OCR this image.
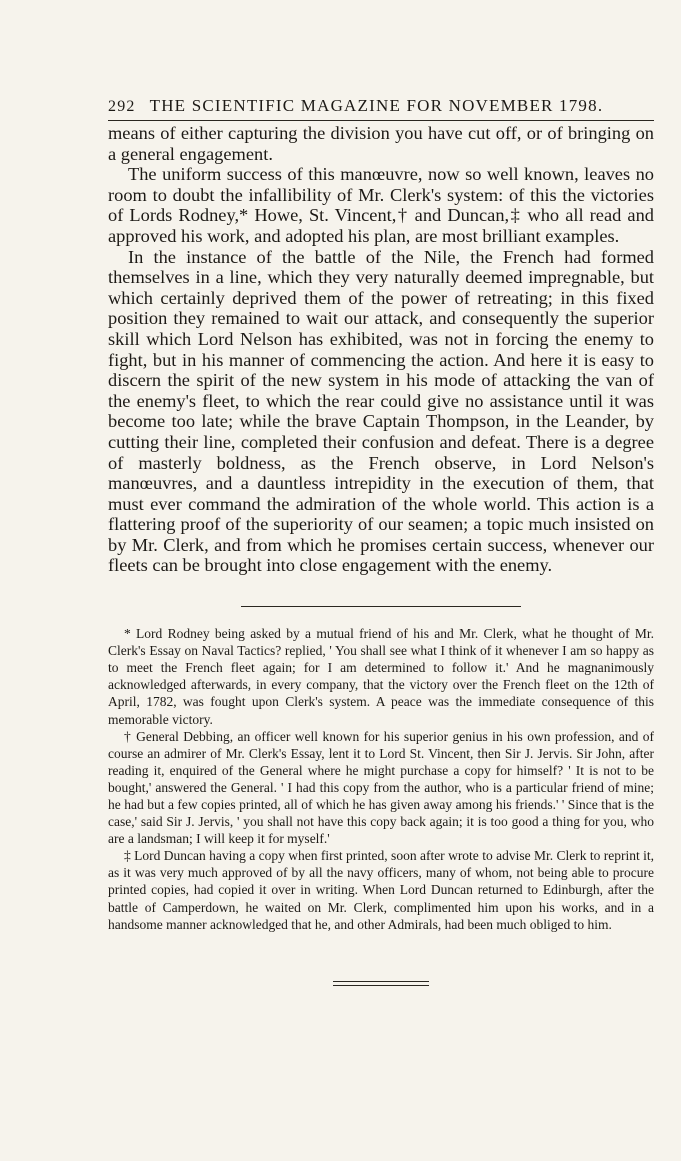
292 THE SCIENTIFIC MAGAZINE FOR NOVEMBER 1798.

means of either capturing the division you have cut off, or of bringing on a general engagement.

The uniform success of this manœuvre, now so well known, leaves no room to doubt the infallibility of Mr. Clerk's system: of this the victories of Lords Rodney,* Howe, St. Vincent,† and Duncan,‡ who all read and approved his work, and adopted his plan, are most brilliant examples.

In the instance of the battle of the Nile, the French had formed themselves in a line, which they very naturally deemed impregnable, but which certainly deprived them of the power of retreating; in this fixed position they remained to wait our attack, and consequently the superior skill which Lord Nelson has exhibited, was not in forcing the enemy to fight, but in his manner of commencing the action. And here it is easy to discern the spirit of the new system in his mode of attacking the van of the enemy's fleet, to which the rear could give no assistance until it was become too late; while the brave Captain Thompson, in the Leander, by cutting their line, completed their confusion and defeat. There is a degree of masterly boldness, as the French observe, in Lord Nelson's manœuvres, and a dauntless intrepidity in the execution of them, that must ever command the admiration of the whole world. This action is a flattering proof of the superiority of our seamen; a topic much insisted on by Mr. Clerk, and from which he promises certain success, whenever our fleets can be brought into close engagement with the enemy.

* Lord Rodney being asked by a mutual friend of his and Mr. Clerk, what he thought of Mr. Clerk's Essay on Naval Tactics? replied, ' You shall see what I think of it whenever I am so happy as to meet the French fleet again; for I am determined to follow it.' And he magnanimously acknowledged afterwards, in every company, that the victory over the French fleet on the 12th of April, 1782, was fought upon Clerk's system. A peace was the immediate consequence of this memorable victory.

† General Debbing, an officer well known for his superior genius in his own profession, and of course an admirer of Mr. Clerk's Essay, lent it to Lord St. Vincent, then Sir J. Jervis. Sir John, after reading it, enquired of the General where he might purchase a copy for himself? ' It is not to be bought,' answered the General. ' I had this copy from the author, who is a particular friend of mine; he had but a few copies printed, all of which he has given away among his friends.' ' Since that is the case,' said Sir J. Jervis, ' you shall not have this copy back again; it is too good a thing for you, who are a landsman; I will keep it for myself.'

‡ Lord Duncan having a copy when first printed, soon after wrote to advise Mr. Clerk to reprint it, as it was very much approved of by all the navy officers, many of whom, not being able to procure printed copies, had copied it over in writing. When Lord Duncan returned to Edinburgh, after the battle of Camperdown, he waited on Mr. Clerk, complimented him upon his works, and in a handsome manner acknowledged that he, and other Admirals, had been much obliged to him.
